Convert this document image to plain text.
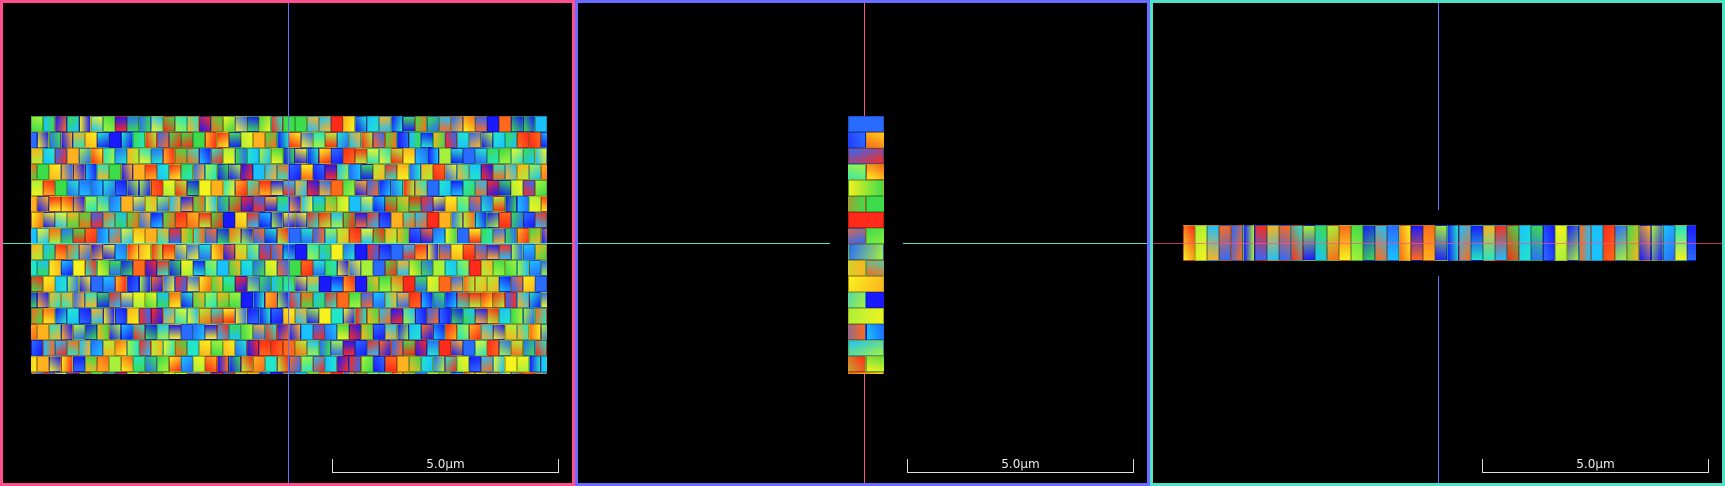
5.0µm	5.0µm	5.0µm
